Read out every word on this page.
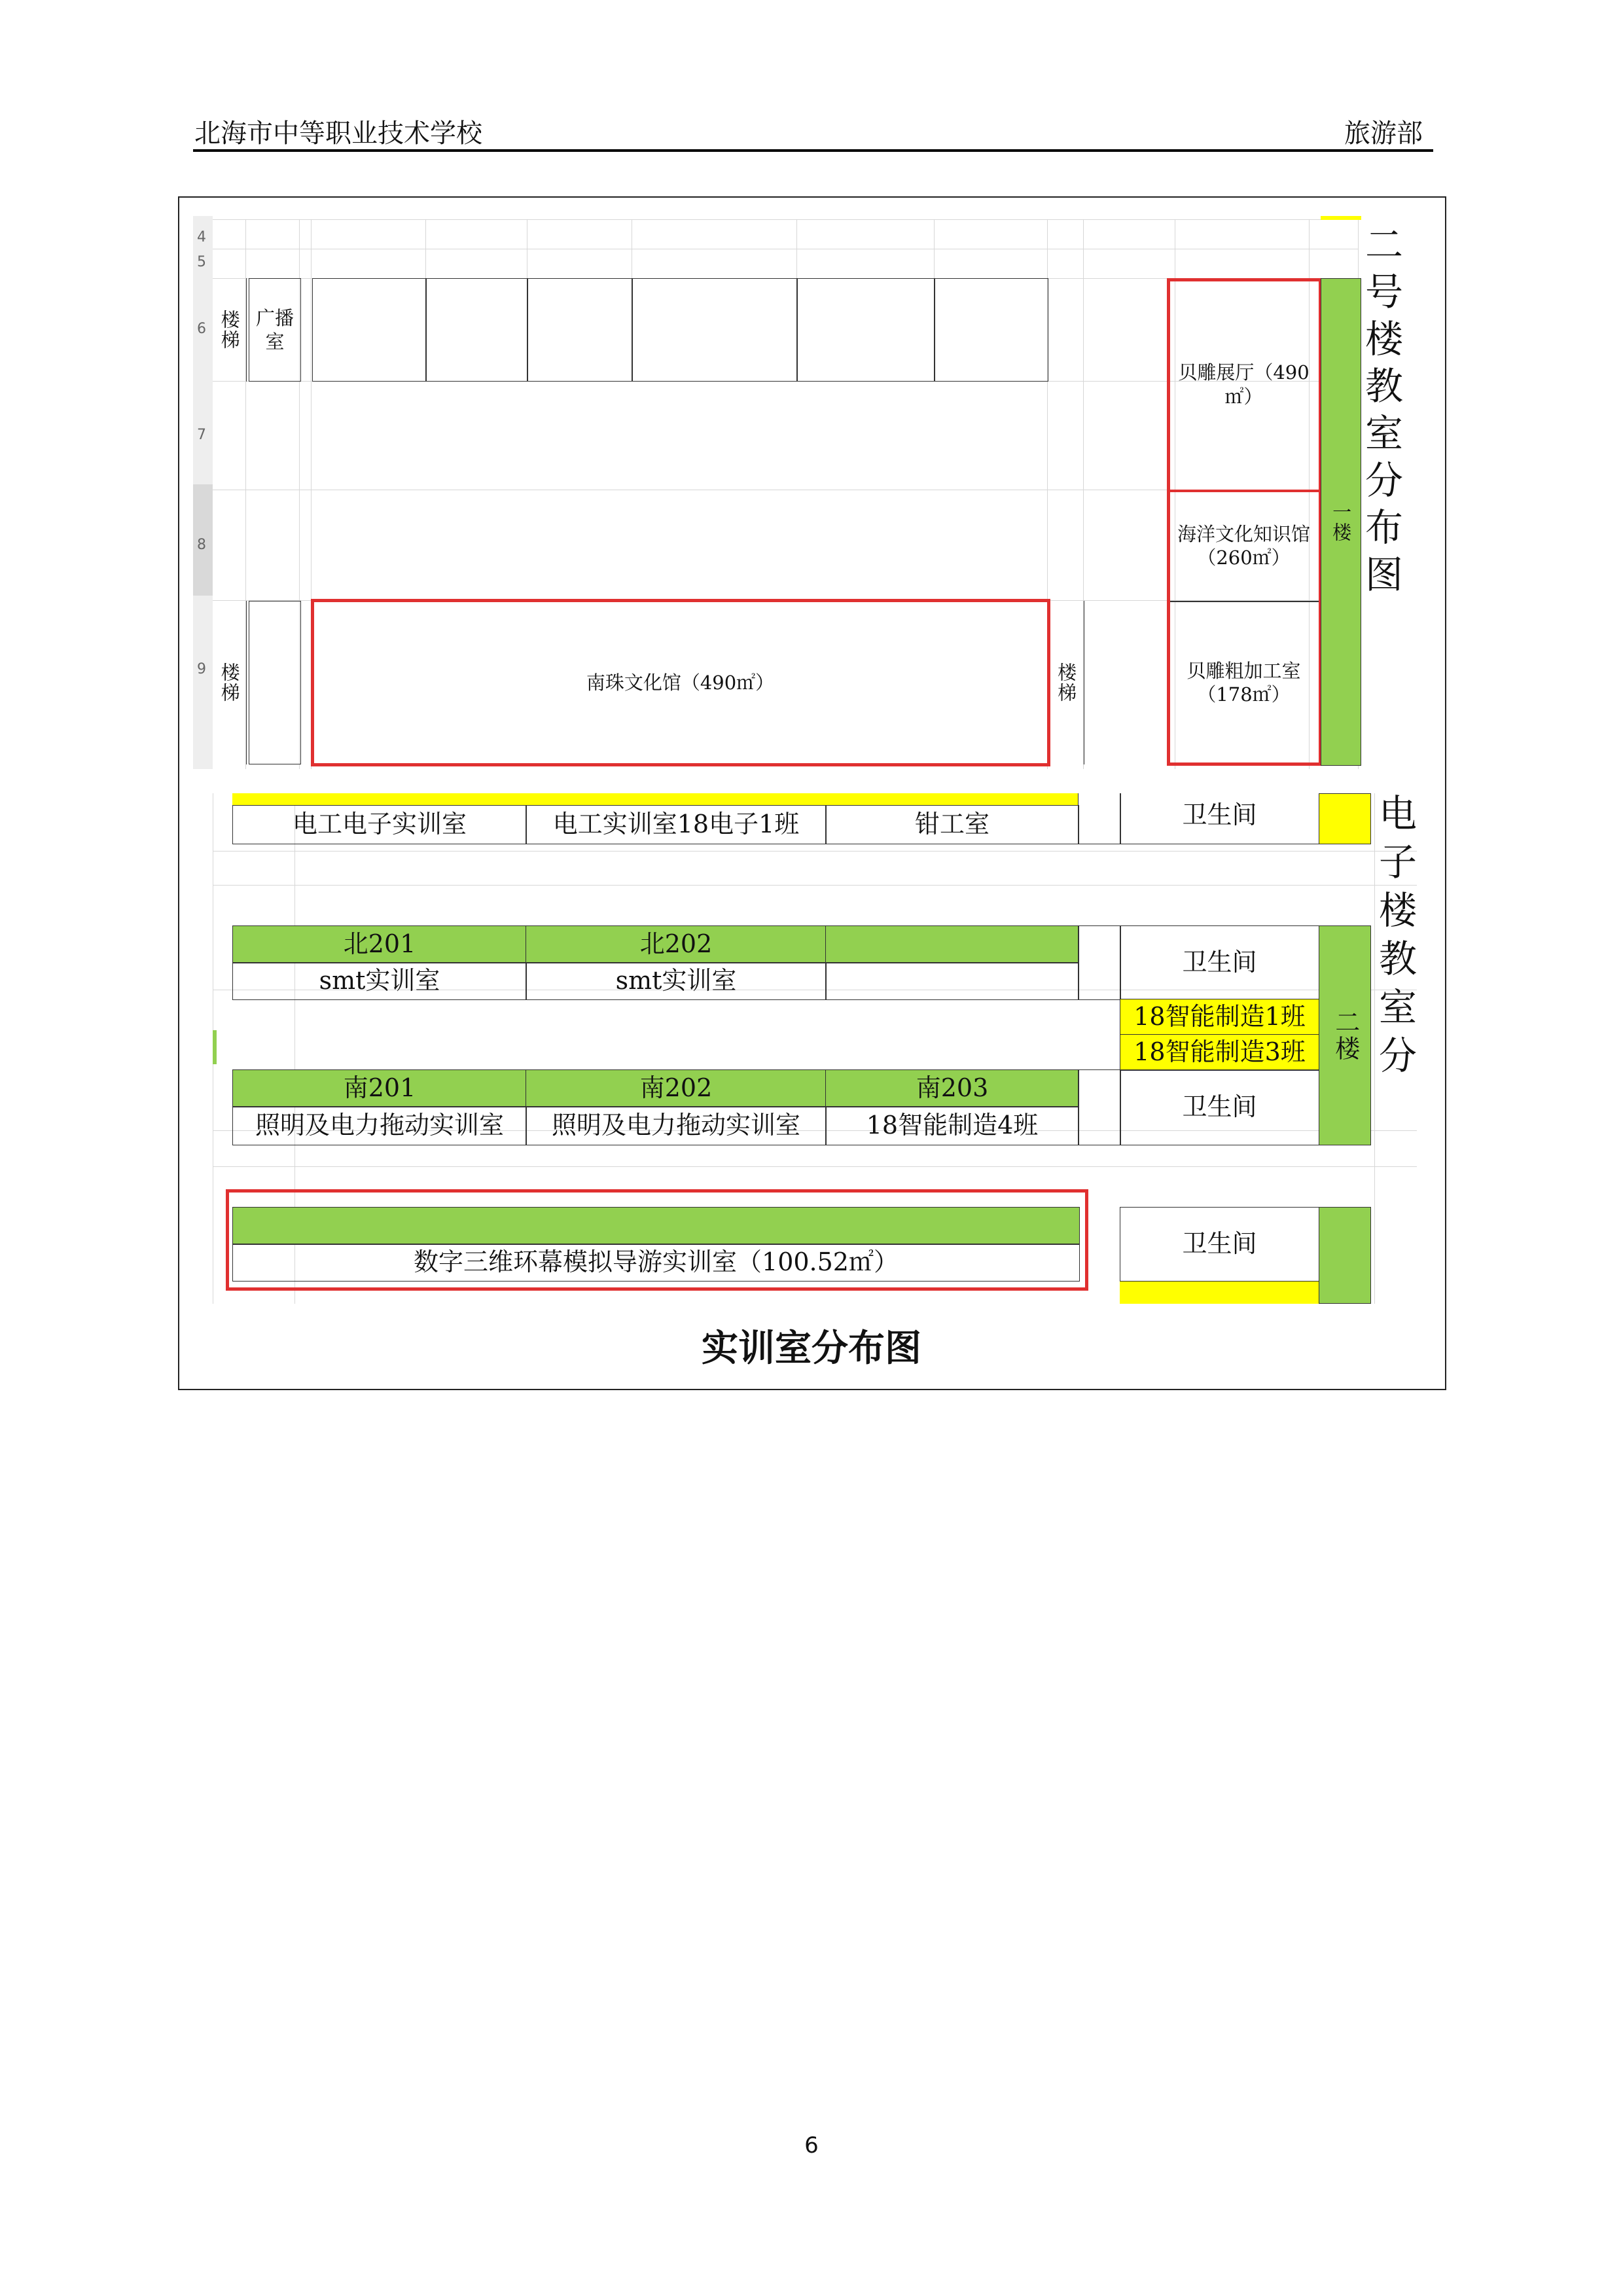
北海市中等职业技术学校	旅游部
4
5
6
7
8
9
楼梯 广播室
贝雕展厅（490㎡）
海洋文化知识馆（260㎡）
贝雕粗加工室（178㎡）
一楼
楼梯	南珠文化馆（490㎡）	楼梯
二
号
楼
教
室
分
布
图
电工电子实训室	电工实训室18电子1班	钳工室	卫生间
北201	北202
smt实训室	smt实训室
卫生间
18智能制造1班
18智能制造3班 二楼
南201	南202	南203
照明及电力拖动实训室 照明及电力拖动实训室	18智能制造4班
卫生间
数字三维环幕模拟导游实训室（100.52㎡）
卫生间
电
子
楼
教
室
分
实训室分布图
6
